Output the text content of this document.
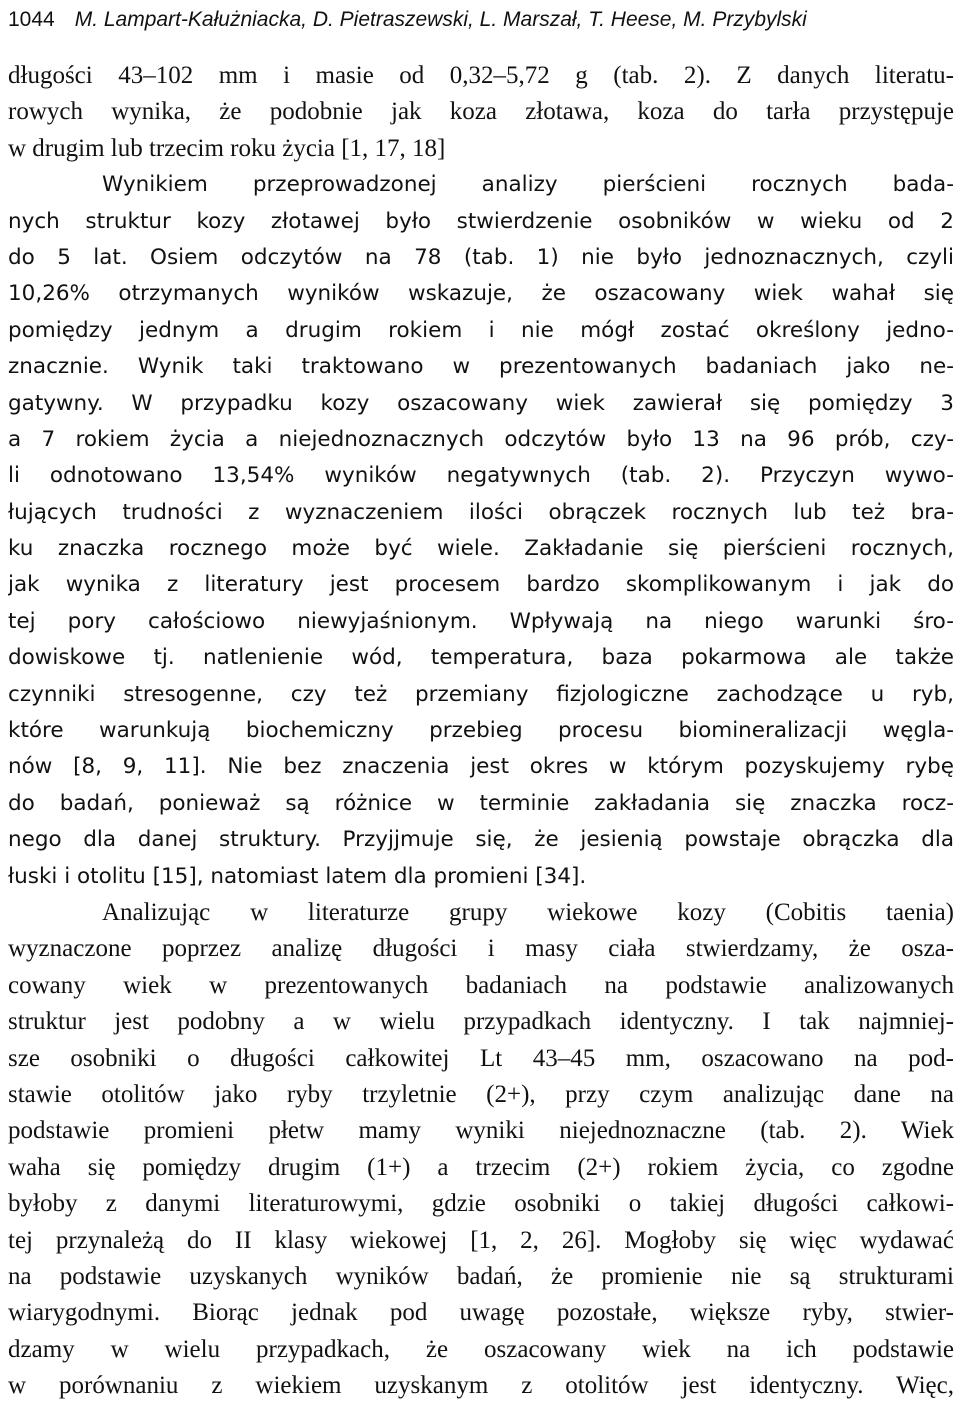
1044 M. Lampart-Kałużniacka, D. Pietraszewski, L. Marszał, T. Heese, M. Przybylski
długości 43–102 mm i masie od 0,32–5,72 g (tab. 2). Z danych literatu-
rowych wynika, że podobnie jak koza złotawa, koza do tarła przystępuje
w drugim lub trzecim roku życia [1, 17, 18]
Wynikiem przeprowadzonej analizy pierścieni rocznych bada-
nych struktur kozy złotawej było stwierdzenie osobników w wieku od 2
do 5 lat. Osiem odczytów na 78 (tab. 1) nie było jednoznacznych, czyli
10,26% otrzymanych wyników wskazuje, że oszacowany wiek wahał się
pomiędzy jednym a drugim rokiem i nie mógł zostać określony jedno-
znacznie. Wynik taki traktowano w prezentowanych badaniach jako ne-
gatywny. W przypadku kozy oszacowany wiek zawierał się pomiędzy 3
a 7 rokiem życia a niejednoznacznych odczytów było 13 na 96 prób, czy-
li odnotowano 13,54% wyników negatywnych (tab. 2). Przyczyn wywo-
łujących trudności z wyznaczeniem ilości obrączek rocznych lub też bra-
ku znaczka rocznego może być wiele. Zakładanie się pierścieni rocznych,
jak wynika z literatury jest procesem bardzo skomplikowanym i jak do
tej pory całościowo niewyjaśnionym. Wpływają na niego warunki śro-
dowiskowe tj. natlenienie wód, temperatura, baza pokarmowa ale także
czynniki stresogenne, czy też przemiany fizjologiczne zachodzące u ryb,
które warunkują biochemiczny przebieg procesu biomineralizacji węgla-
nów [8, 9, 11]. Nie bez znaczenia jest okres w którym pozyskujemy rybę
do badań, ponieważ są różnice w terminie zakładania się znaczka rocz-
nego dla danej struktury. Przyjjmuje się, że jesienią powstaje obrączka dla
łuski i otolitu [15], natomiast latem dla promieni [34].
Analizując w literaturze grupy wiekowe kozy (Cobitis taenia)
wyznaczone poprzez analizę długości i masy ciała stwierdzamy, że osza-
cowany wiek w prezentowanych badaniach na podstawie analizowanych
struktur jest podobny a w wielu przypadkach identyczny. I tak najmniej-
sze osobniki o długości całkowitej Lt 43–45 mm, oszacowano na pod-
stawie otolitów jako ryby trzyletnie (2+), przy czym analizując dane na
podstawie promieni płetw mamy wyniki niejednoznaczne (tab. 2). Wiek
waha się pomiędzy drugim (1+) a trzecim (2+) rokiem życia, co zgodne
byłoby z danymi literaturowymi, gdzie osobniki o takiej długości całkowi-
tej przynależą do II klasy wiekowej [1, 2, 26]. Mogłoby się więc wydawać
na podstawie uzyskanych wyników badań, że promienie nie są strukturami
wiarygodnymi. Biorąc jednak pod uwagę pozostałe, większe ryby, stwier-
dzamy w wielu przypadkach, że oszacowany wiek na ich podstawie
w porównaniu z wiekiem uzyskanym z otolitów jest identyczny. Więc,
